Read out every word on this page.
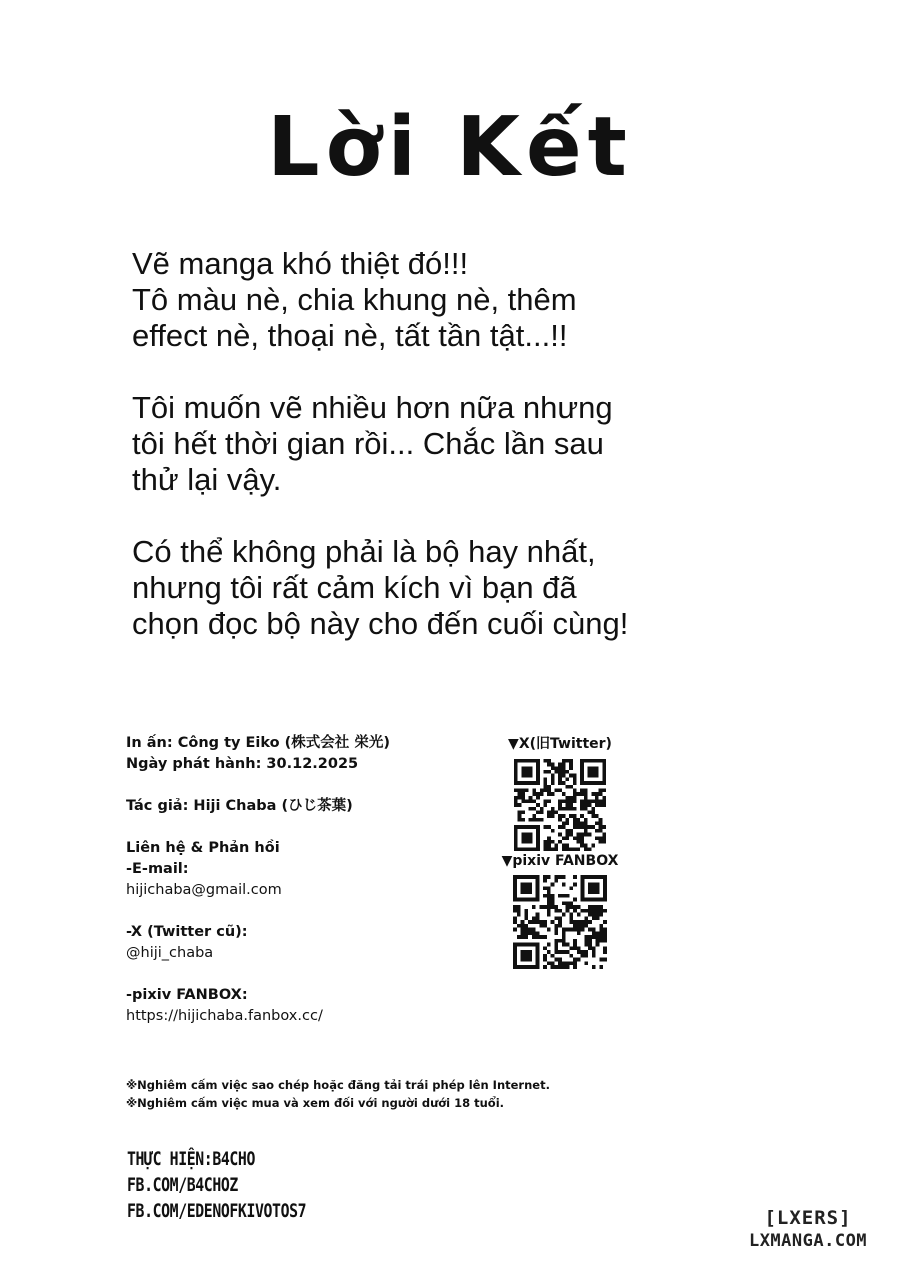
Lời Kết
Vẽ manga khó thiệt đó!!!
Tô màu nè, chia khung nè, thêm
effect nè, thoại nè, tất tần tật...!!
Tôi muốn vẽ nhiều hơn nữa nhưng
tôi hết thời gian rồi... Chắc lần sau
thử lại vậy.
Có thể không phải là bộ hay nhất,
nhưng tôi rất cảm kích vì bạn đã
chọn đọc bộ này cho đến cuối cùng!
In ấn: Công ty Eiko (株式会社 栄光)
Ngày phát hành: 30.12.2025
Tác giả: Hiji Chaba (ひじ茶葉)
Liên hệ & Phản hồi
-E-mail:
hijichaba@gmail.com
-X (Twitter cũ):
@hiji_chaba
-pixiv FANBOX:
https://hijichaba.fanbox.cc/
▼X(旧Twitter)
▼pixiv FANBOX
※Nghiêm cấm việc sao chép hoặc đăng tải trái phép lên Internet.
※Nghiêm cấm việc mua và xem đối với người dưới 18 tuổi.
THỰC HIỆN:B4CHO
FB.COM/B4CHOZ
FB.COM/EDENOFKIVOTOS7	[LXERS]
LXMANGA.COM
